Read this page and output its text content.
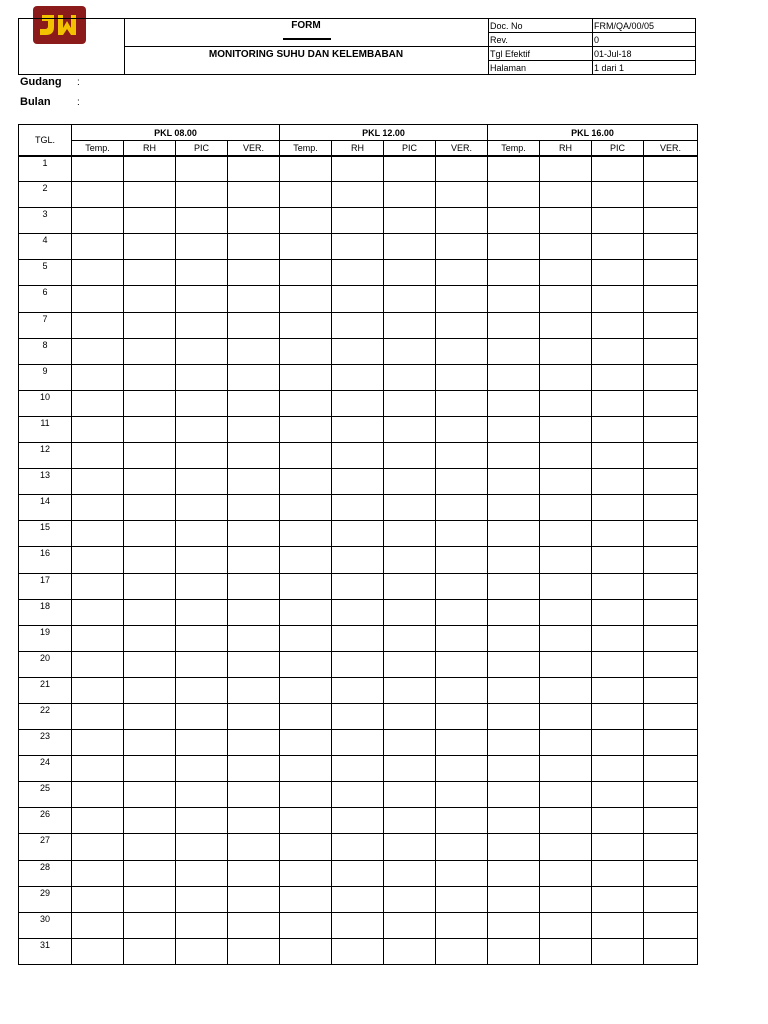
FORM
MONITORING SUHU DAN KELEMBABAN
Doc. No	FRM/QA/00/05
Rev.	0
Tgl Efektif	01-Jul-18
Halaman	1 dari 1
Gudang :
Bulan	:
TGL.	PKL 08.00				PKL 12.00				PKL 16.00			
	Temp.	RH	PIC	VER.	Temp.	RH	PIC	VER.	Temp.	RH	PIC	VER.
1												
2												
3												
4												
5												
6												
7												
8												
9												
10												
11												
12												
13												
14												
15												
16												
17												
18												
19												
20												
21												
22												
23												
24												
25												
26												
27												
28												
29												
30												
31												
